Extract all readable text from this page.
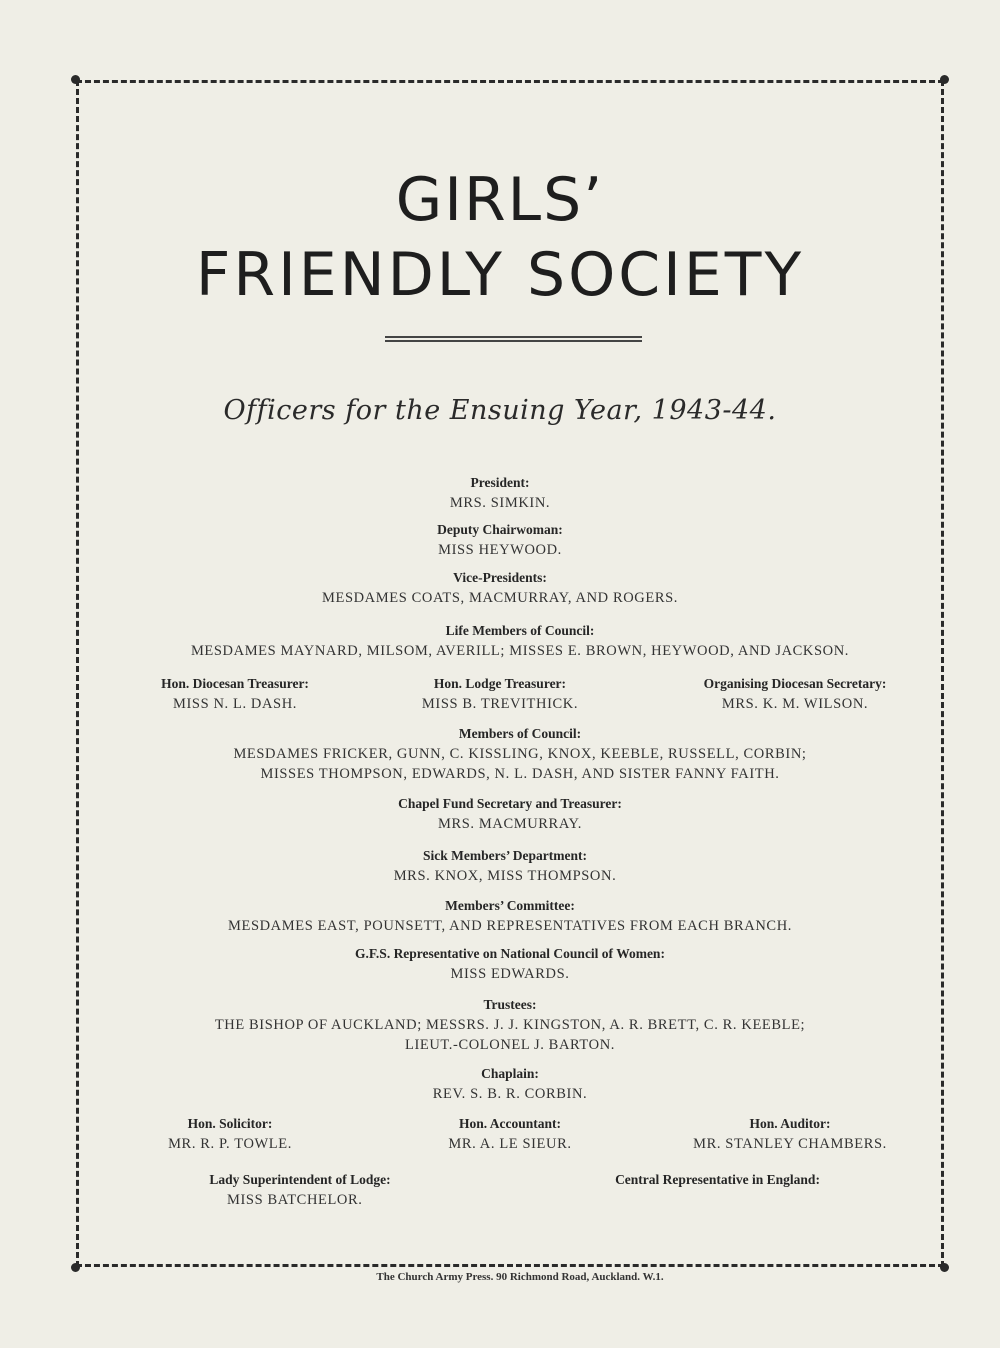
GIRLS’
FRIENDLY SOCIETY
Officers for the Ensuing Year, 1943-44.
President:
MRS. SIMKIN.
Deputy Chairwoman:
MISS HEYWOOD.
Vice-Presidents:
MESDAMES COATS, MACMURRAY, AND ROGERS.
Life Members of Council:
MESDAMES MAYNARD, MILSOM, AVERILL; MISSES E. BROWN, HEYWOOD, AND JACKSON.
Hon. Diocesan Treasurer:
MISS N. L. DASH.
Hon. Lodge Treasurer:
MISS B. TREVITHICK.
Organising Diocesan Secretary:
MRS. K. M. WILSON.
Members of Council:
MESDAMES FRICKER, GUNN, C. KISSLING, KNOX, KEEBLE, RUSSELL, CORBIN;
MISSES THOMPSON, EDWARDS, N. L. DASH, AND SISTER FANNY FAITH.
Chapel Fund Secretary and Treasurer:
MRS. MACMURRAY.
Sick Members’ Department:
MRS. KNOX, MISS THOMPSON.
Members’ Committee:
MESDAMES EAST, POUNSETT, AND REPRESENTATIVES FROM EACH BRANCH.
G.F.S. Representative on National Council of Women:
MISS EDWARDS.
Trustees:
THE BISHOP OF AUCKLAND; MESSRS. J. J. KINGSTON, A. R. BRETT, C. R. KEEBLE;
LIEUT.-COLONEL J. BARTON.
Chaplain:
REV. S. B. R. CORBIN.
Hon. Solicitor:
MR. R. P. TOWLE.
Hon. Accountant:
MR. A. LE SIEUR.
Hon. Auditor:
MR. STANLEY CHAMBERS.
Lady Superintendent of Lodge:
MISS BATCHELOR.
Central Representative in England:
The Church Army Press. 90 Richmond Road, Auckland. W.1.
